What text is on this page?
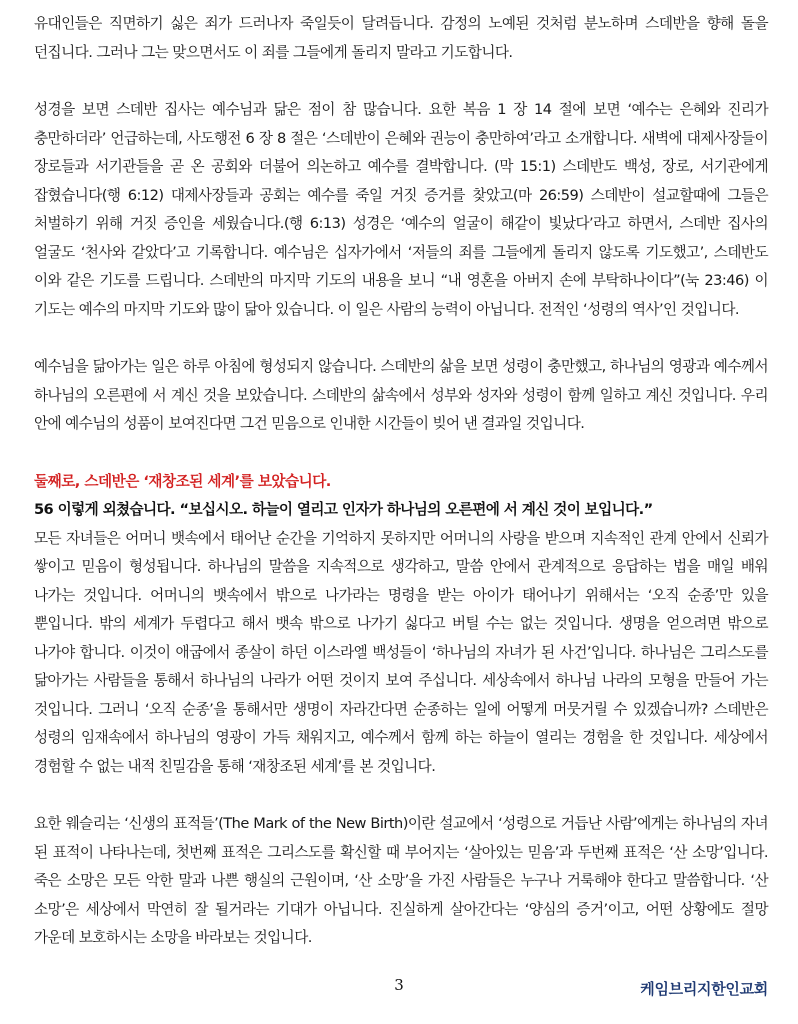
유대인들은 직면하기 싫은 죄가 드러나자 죽일듯이 달려듭니다. 감정의 노예된 것처럼 분노하며 스데반을 향해 돌을 던집니다. 그러나 그는 맞으면서도 이 죄를 그들에게 돌리지 말라고 기도합니다.

성경을 보면 스데반 집사는 예수님과 닮은 점이 참 많습니다. 요한 복음 1 장 14 절에 보면 ‘예수는 은혜와 진리가 충만하더라’ 언급하는데, 사도행전 6 장 8 절은 ‘스데반이 은혜와 권능이 충만하여’라고 소개합니다. 새벽에 대제사장들이 장로들과 서기관들을 곧 온 공회와 더불어 의논하고 예수를 결박합니다. (막 15:1) 스데반도 백성, 장로, 서기관에게 잡혔습니다(행 6:12) 대제사장들과 공회는 예수를 죽일 거짓 증거를 찾았고(마 26:59) 스데반이 설교할때에 그들은 처벌하기 위해 거짓 증인을 세웠습니다.(행 6:13) 성경은 ‘예수의 얼굴이 해같이 빛났다’라고 하면서, 스데반 집사의 얼굴도 ‘천사와 같았다’고 기록합니다. 예수님은 십자가에서 ‘저들의 죄를 그들에게 돌리지 않도록 기도했고’, 스데반도 이와 같은 기도를 드립니다. 스데반의 마지막 기도의 내용을 보니 “내 영혼을 아버지 손에 부탁하나이다”(눅 23:46) 이 기도는 예수의 마지막 기도와 많이 닮아 있습니다. 이 일은 사람의 능력이 아닙니다. 전적인 ‘성령의 역사’인 것입니다.

예수님을 닮아가는 일은 하루 아침에 형성되지 않습니다. 스데반의 삶을 보면 성령이 충만했고, 하나님의 영광과 예수께서 하나님의 오른편에 서 계신 것을 보았습니다. 스데반의 삶속에서 성부와 성자와 성령이 함께 일하고 계신 것입니다. 우리 안에 예수님의 성품이 보여진다면 그건 믿음으로 인내한 시간들이 빚어 낸 결과일 것입니다.

둘째로, 스데반은 ‘재창조된 세계’를 보았습니다.

56 이렇게 외쳤습니다. “보십시오. 하늘이 열리고 인자가 하나님의 오른편에 서 계신 것이 보입니다.”

모든 자녀들은 어머니 뱃속에서 태어난 순간을 기억하지 못하지만 어머니의 사랑을 받으며 지속적인 관계 안에서 신뢰가 쌓이고 믿음이 형성됩니다. 하나님의 말씀을 지속적으로 생각하고, 말씀 안에서 관계적으로 응답하는 법을 매일 배워 나가는 것입니다. 어머니의 뱃속에서 밖으로 나가라는 명령을 받는 아이가 태어나기 위해서는 ‘오직 순종’만 있을 뿐입니다. 밖의 세계가 두렵다고 해서 뱃속 밖으로 나가기 싫다고 버틸 수는 없는 것입니다. 생명을 얻으려면 밖으로 나가야 합니다. 이것이 애굽에서 종살이 하던 이스라엘 백성들이 ‘하나님의 자녀가 된 사건’입니다. 하나님은 그리스도를 닮아가는 사람들을 통해서 하나님의 나라가 어떤 것이지 보여 주십니다. 세상속에서 하나님 나라의 모형을 만들어 가는 것입니다. 그러니 ‘오직 순종’을 통해서만 생명이 자라간다면 순종하는 일에 어떻게 머뭇거릴 수 있겠습니까? 스데반은 성령의 임재속에서 하나님의 영광이 가득 채워지고, 예수께서 함께 하는 하늘이 열리는 경험을 한 것입니다. 세상에서 경험할 수 없는 내적 친밀감을 통해 ‘재창조된 세계’를 본 것입니다.

요한 웨슬리는 ‘신생의 표적들’(The Mark of the New Birth)이란 설교에서 ‘성령으로 거듭난 사람’에게는 하나님의 자녀 된 표적이 나타나는데, 첫번째 표적은 그리스도를 확신할 때 부어지는 ‘살아있는 믿음’과 두번째 표적은 ‘산 소망’입니다. 죽은 소망은 모든 악한 말과 나쁜 행실의 근원이며, ‘산 소망’을 가진 사람들은 누구나 거룩해야 한다고 말씀합니다. ‘산 소망’은 세상에서 막연히 잘 될거라는 기대가 아닙니다. 진실하게 살아간다는 ‘양심의 증거’이고, 어떤 상황에도 절망 가운데 보호하시는 소망을 바라보는 것입니다.

3	케임브리지한인교회
